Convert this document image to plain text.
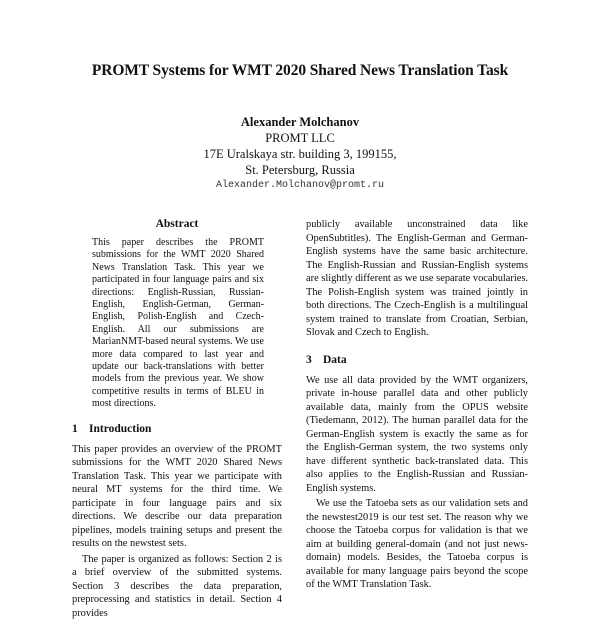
PROMT Systems for WMT 2020 Shared News Translation Task
Alexander Molchanov
PROMT LLC
17E Uralskaya str. building 3, 199155,
St. Petersburg, Russia
Alexander.Molchanov@promt.ru
Abstract
This paper describes the PROMT submissions for the WMT 2020 Shared News Translation Task. This year we participated in four language pairs and six directions: English-Russian, Russian-English, English-German, German-English, Polish-English and Czech-English. All our submissions are MarianNMT-based neural systems. We use more data compared to last year and update our back-translations with better models from the previous year. We show competitive results in terms of BLEU in most directions.
1 Introduction

This paper provides an overview of the PROMT submissions for the WMT 2020 Shared News Translation Task. This year we participate with neural MT systems for the third time. We participate in four language pairs and six directions. We describe our data preparation pipelines, models training setups and present the results on the newstest sets.

The paper is organized as follows: Section 2 is a brief overview of the submitted systems. Section 3 describes the data preparation, preprocessing and statistics in detail. Section 4 provides

publicly available unconstrained data like OpenSubtitles). The English-German and German-English systems have the same basic architecture. The English-Russian and Russian-English systems are slightly different as we use separate vocabularies. The Polish-English system was trained jointly in both directions. The Czech-English is a multilingual system trained to translate from Croatian, Serbian, Slovak and Czech to English.

3 Data

We use all data provided by the WMT organizers, private in-house parallel data and other publicly available data, mainly from the OPUS website (Tiedemann, 2012). The human parallel data for the German-English system is exactly the same as for the English-German system, the two systems only have different synthetic back-translated data. This also applies to the English-Russian and Russian-English systems.

We use the Tatoeba sets as our validation sets and the newstest2019 is our test set. The reason why we choose the Tatoeba corpus for validation is that we aim at building general-domain (and not just news-domain) models. Besides, the Tatoeba corpus is available for many language pairs beyond the scope of the WMT Translation Task.
